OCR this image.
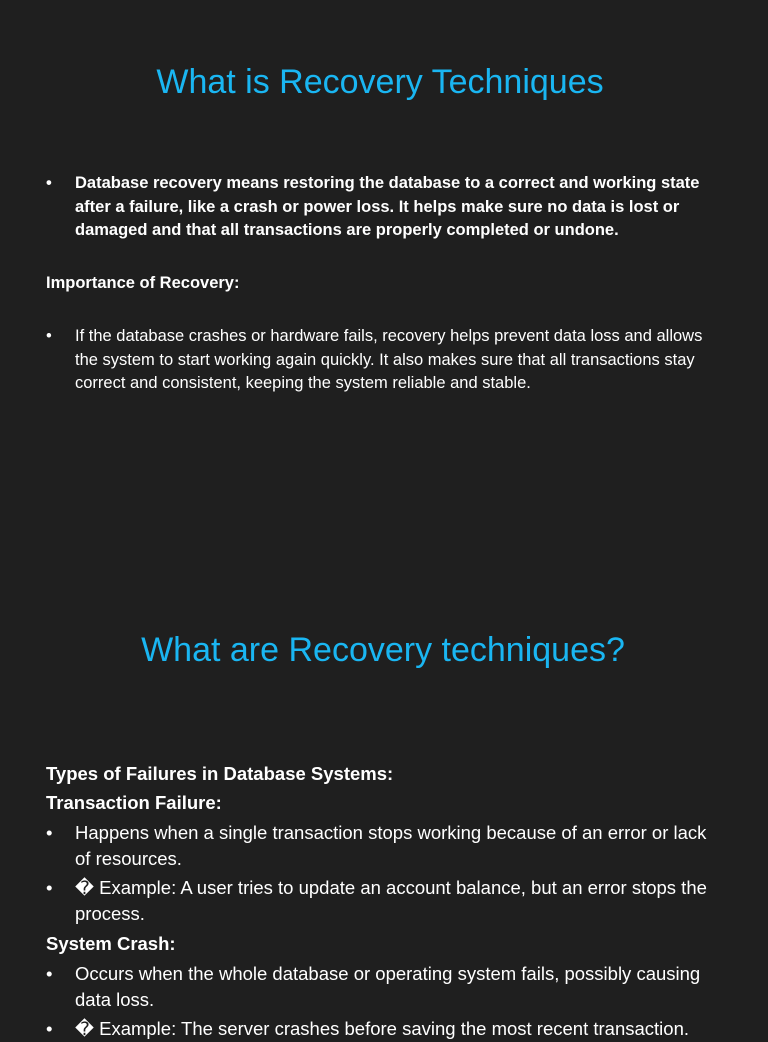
What is Recovery Techniques
•	Database recovery means restoring the database to a correct and working state after a failure, like a crash or power loss. It helps make sure no data is lost or damaged and that all transactions are properly completed or undone.

Importance of Recovery:

•	If the database crashes or hardware fails, recovery helps prevent data loss and allows the system to start working again quickly. It also makes sure that all transactions stay correct and consistent, keeping the system reliable and stable.
What are Recovery techniques?

Types of Failures in Database Systems:

Transaction Failure:

•	Happens when a single transaction stops working because of an error or lack of resources.
•	� Example: A user tries to update an account balance, but an error stops the process.

System Crash:

•	Occurs when the whole database or operating system fails, possibly causing data loss.
•	� Example: The server crashes before saving the most recent transaction.
